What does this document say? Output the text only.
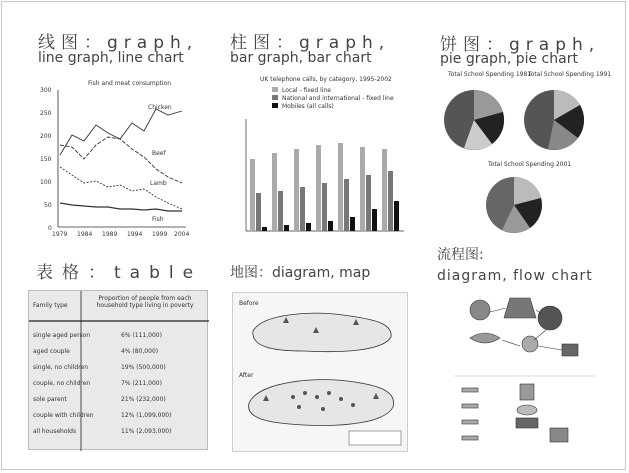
线图：graph,
line graph, line chart
柱图：graph,
bar graph, bar chart
饼图：graph,
pie graph, pie chart
表格：table 地图：diagram, map
流程图:
diagram, flow chart
Fish and meat consumption
300
250
200
150
100
50
0
1979 1984 1989 1994 1999 2004
Chicken
Beef
Lamb
Fish
UK telephone calls, by category, 1995-2002
Local - fixed line
National and international - fixed line
Mobiles (all calls)
Total School Spending 1981
Total School Spending 1991
Total School Spending 2001
Family type
Proportion of people from each household type living in poverty
single aged person	6% (111,000)
aged couple	4% (80,000)
single, no children	19% (500,000)
couple, no children	7% (211,000)
sole parent	21% (232,000)
couple with children	12% (1,099,000)
all households	11% (2,093,000)
Before
After
